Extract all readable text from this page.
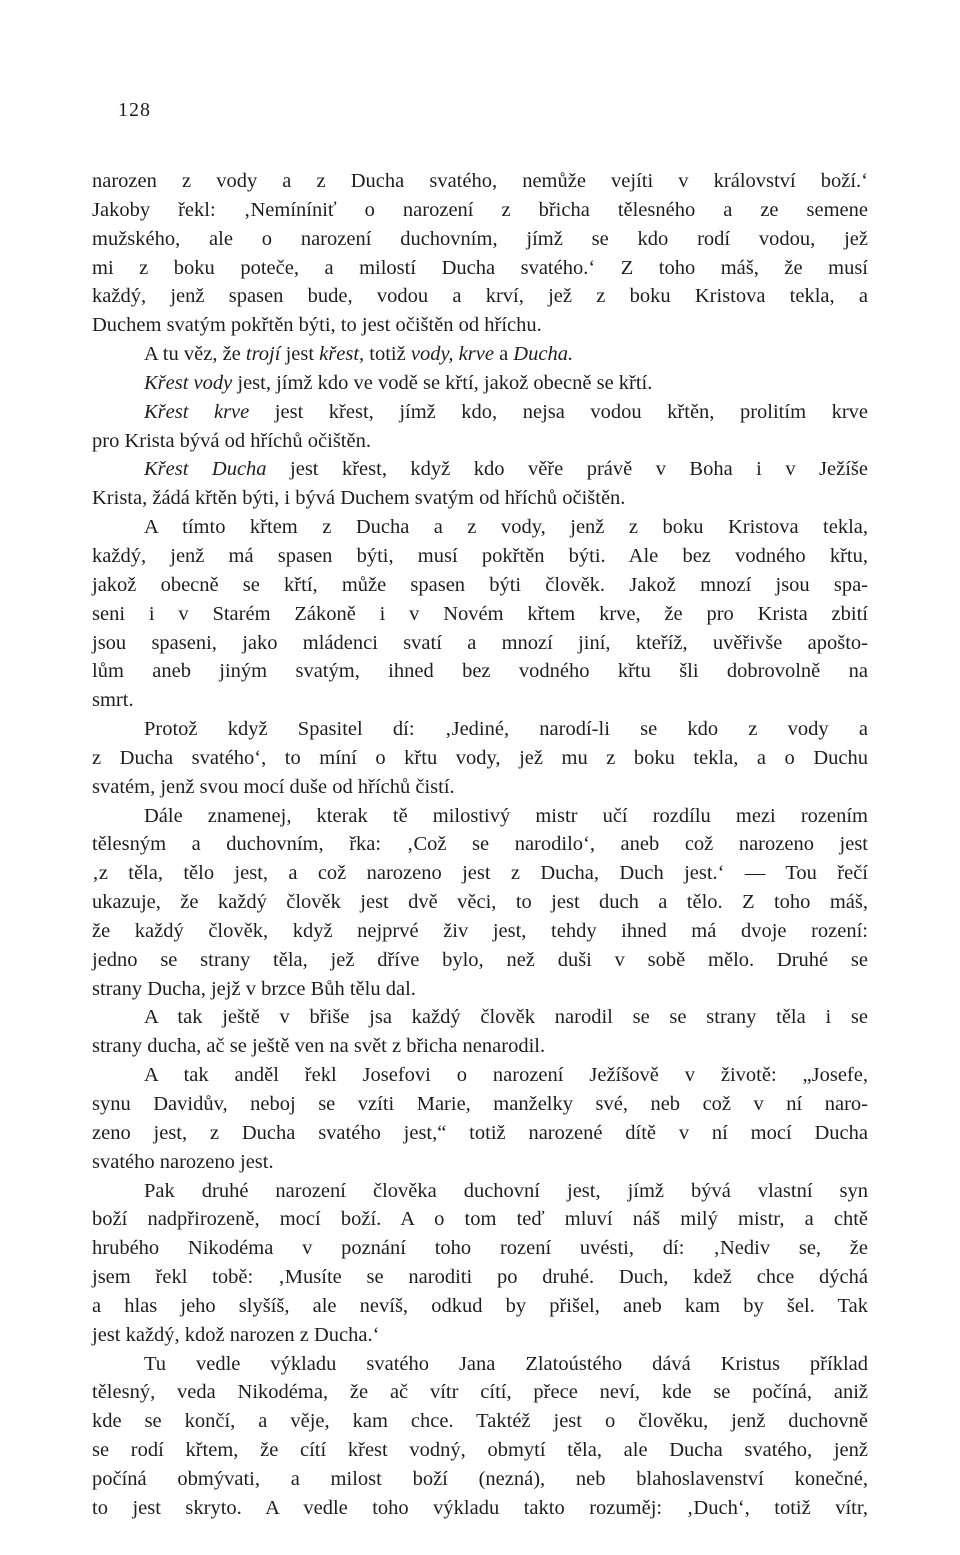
128
narozen z vody a z Ducha svatého, nemůže vejíti v království boží.‘
Jakoby řekl: ‚Nemíníniť o narození z břicha tělesného a ze semene
mužského, ale o narození duchovním, jímž se kdo rodí vodou, jež
mi z boku poteče, a milostí Ducha svatého.‘ Z toho máš, že musí
každý, jenž spasen bude, vodou a krví, jež z boku Kristova tekla, a
Duchem svatým pokřtěn býti, to jest očištěn od hříchu.
A tu věz, že trojí jest křest, totiž vody, krve a Ducha.
Křest vody jest, jímž kdo ve vodě se křtí, jakož obecně se křtí.
Křest krve jest křest, jímž kdo, nejsa vodou křtěn, prolitím krve
pro Krista bývá od hříchů očištěn.
Křest Ducha jest křest, když kdo věře právě v Boha i v Ježíše
Krista, žádá křtěn býti, i bývá Duchem svatým od hříchů očištěn.
A tímto křtem z Ducha a z vody, jenž z boku Kristova tekla,
každý, jenž má spasen býti, musí pokřtěn býti. Ale bez vodného křtu,
jakož obecně se křtí, může spasen býti člověk. Jakož mnozí jsou spa-
seni i v Starém Zákoně i v Novém křtem krve, že pro Krista zbití
jsou spaseni, jako mládenci svatí a mnozí jiní, kteříž, uvěřivše apošto-
lům aneb jiným svatým, ihned bez vodného křtu šli dobrovolně na
smrt.
Protož když Spasitel dí: ‚Jediné, narodí-li se kdo z vody a
z Ducha svatého‘, to míní o křtu vody, jež mu z boku tekla, a o Duchu
svatém, jenž svou mocí duše od hříchů čistí.
Dále znamenej, kterak tě milostivý mistr učí rozdílu mezi rozením
tělesným a duchovním, řka: ‚Což se narodilo‘, aneb což narozeno jest
‚z těla, tělo jest, a což narozeno jest z Ducha, Duch jest.‘ — Tou řečí
ukazuje, že každý člověk jest dvě věci, to jest duch a tělo. Z toho máš,
že každý člověk, když nejprvé živ jest, tehdy ihned má dvoje rození:
jedno se strany těla, jež dříve bylo, než duši v sobě mělo. Druhé se
strany Ducha, jejž v brzce Bůh tělu dal.
A tak ještě v břiše jsa každý člověk narodil se se strany těla i se
strany ducha, ač se ještě ven na svět z břicha nenarodil.
A tak anděl řekl Josefovi o narození Ježíšově v životě: „Josefe,
synu Davidův, neboj se vzíti Marie, manželky své, neb což v ní naro-
zeno jest, z Ducha svatého jest,“ totiž narozené dítě v ní mocí Ducha
svatého narozeno jest.
Pak druhé narození člověka duchovní jest, jímž bývá vlastní syn
boží nadpřirozeně, mocí boží. A o tom teď mluví náš milý mistr, a chtě
hrubého Nikodéma v poznání toho rození uvésti, dí: ‚Nediv se, že
jsem řekl tobě: ‚Musíte se naroditi po druhé. Duch, kdež chce dýchá
a hlas jeho slyšíš, ale nevíš, odkud by přišel, aneb kam by šel. Tak
jest každý, kdož narozen z Ducha.‘
Tu vedle výkladu svatého Jana Zlatoústého dává Kristus příklad
tělesný, veda Nikodéma, že ač vítr cítí, přece neví, kde se počíná, aniž
kde se končí, a věje, kam chce. Taktéž jest o člověku, jenž duchovně
se rodí křtem, že cítí křest vodný, obmytí těla, ale Ducha svatého, jenž
počíná obmývati, a milost boží (nezná), neb blahoslavenství konečné,
to jest skryto. A vedle toho výkladu takto rozuměj: ‚Duch‘, totiž vítr,
